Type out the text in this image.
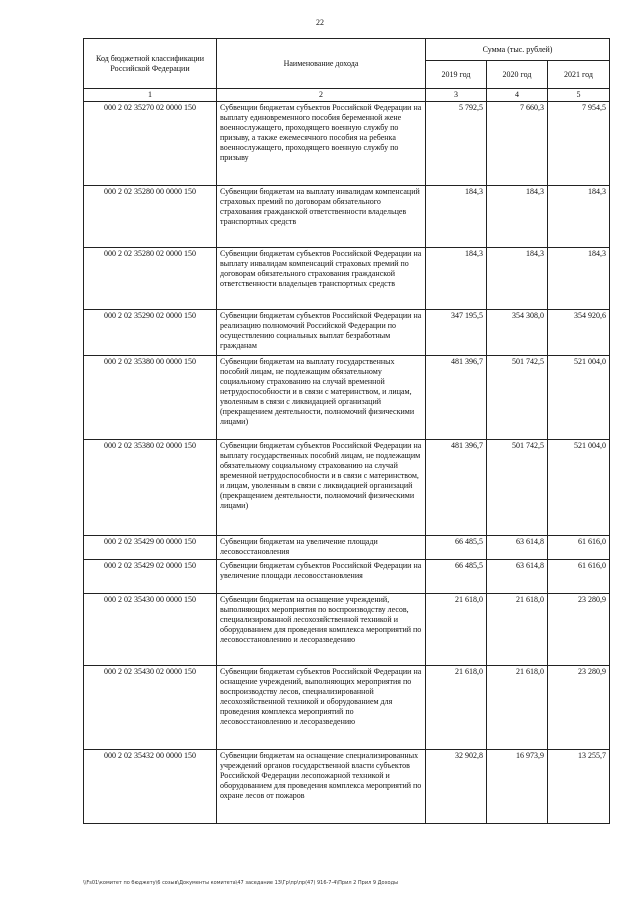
22
Код бюджетной классификации Российской Федерации	Наименование дохода	Сумма (тыс. рублей)		
		2019 год	2020 год	2021 год
1	2	3	4	5
000 2 02 35270 02 0000 150	Субвенции бюджетам субъектов Российской Федерации на выплату единовременного пособия беременной жене военнослужащего, проходящего военную службу по призыву, а также ежемесячного пособия на ребенка военнослужащего, проходящего военную службу по призыву	5 792,5	7 660,3	7 954,5
000 2 02 35280 00 0000 150	Субвенции бюджетам на выплату инвалидам компенсаций страховых премий по договорам обязательного страхования гражданской ответственности владельцев транспортных средств	184,3	184,3	184,3
000 2 02 35280 02 0000 150	Субвенции бюджетам субъектов Российской Федерации на выплату инвалидам компенсаций страховых премий по договорам обязательного страхования гражданской ответственности владельцев транспортных средств	184,3	184,3	184,3
000 2 02 35290 02 0000 150	Субвенции бюджетам субъектов Российской Федерации на реализацию полномочий Российской Федерации по осуществлению социальных выплат безработным гражданам	347 195,5	354 308,0	354 920,6
000 2 02 35380 00 0000 150	Субвенции бюджетам на выплату государственных пособий лицам, не подлежащим обязательному социальному страхованию на случай временной нетрудоспособности и в связи с материнством, и лицам, уволенным в связи с ликвидацией организаций (прекращением деятельности, полномочий физическими лицами)	481 396,7	501 742,5	521 004,0
000 2 02 35380 02 0000 150	Субвенции бюджетам субъектов Российской Федерации на выплату государственных пособий лицам, не подлежащим обязательному социальному страхованию на случай временной нетрудоспособности и в связи с материнством, и лицам, уволенным в связи с ликвидацией организаций (прекращением деятельности, полномочий физическими лицами)	481 396,7	501 742,5	521 004,0
000 2 02 35429 00 0000 150	Субвенции бюджетам на увеличение площади лесовосстановления	66 485,5	63 614,8	61 616,0
000 2 02 35429 02 0000 150	Субвенции бюджетам субъектов Российской Федерации на увеличение площади лесовосстановления	66 485,5	63 614,8	61 616,0
000 2 02 35430 00 0000 150	Субвенции бюджетам на оснащение учреждений, выполняющих мероприятия по воспроизводству лесов, специализированной лесохозяйственной техникой и оборудованием для проведения комплекса мероприятий по лесовосстановлению и лесоразведению	21 618,0	21 618,0	23 280,9
000 2 02 35430 02 0000 150	Субвенции бюджетам субъектов Российской Федерации на оснащение учреждений, выполняющих мероприятия по воспроизводству лесов, специализированной лесохозяйственной техникой и оборудованием для проведения комплекса мероприятий по лесовосстановлению и лесоразведению	21 618,0	21 618,0	23 280,9
000 2 02 35432 00 0000 150	Субвенции бюджетам на оснащение специализированных учреждений органов государственной власти субъектов Российской Федерации лесопожарной техникой и оборудованием для проведения комплекса мероприятий по охране лесов от пожаров	32 902,8	16 973,9	13 255,7
\\Fs01\комитет по бюджету\6 созыв\Документы комитета\47 заседание 13\Гр\пр\пр(47) 916-7-4\Прил 2 Прил 9 Доходы
